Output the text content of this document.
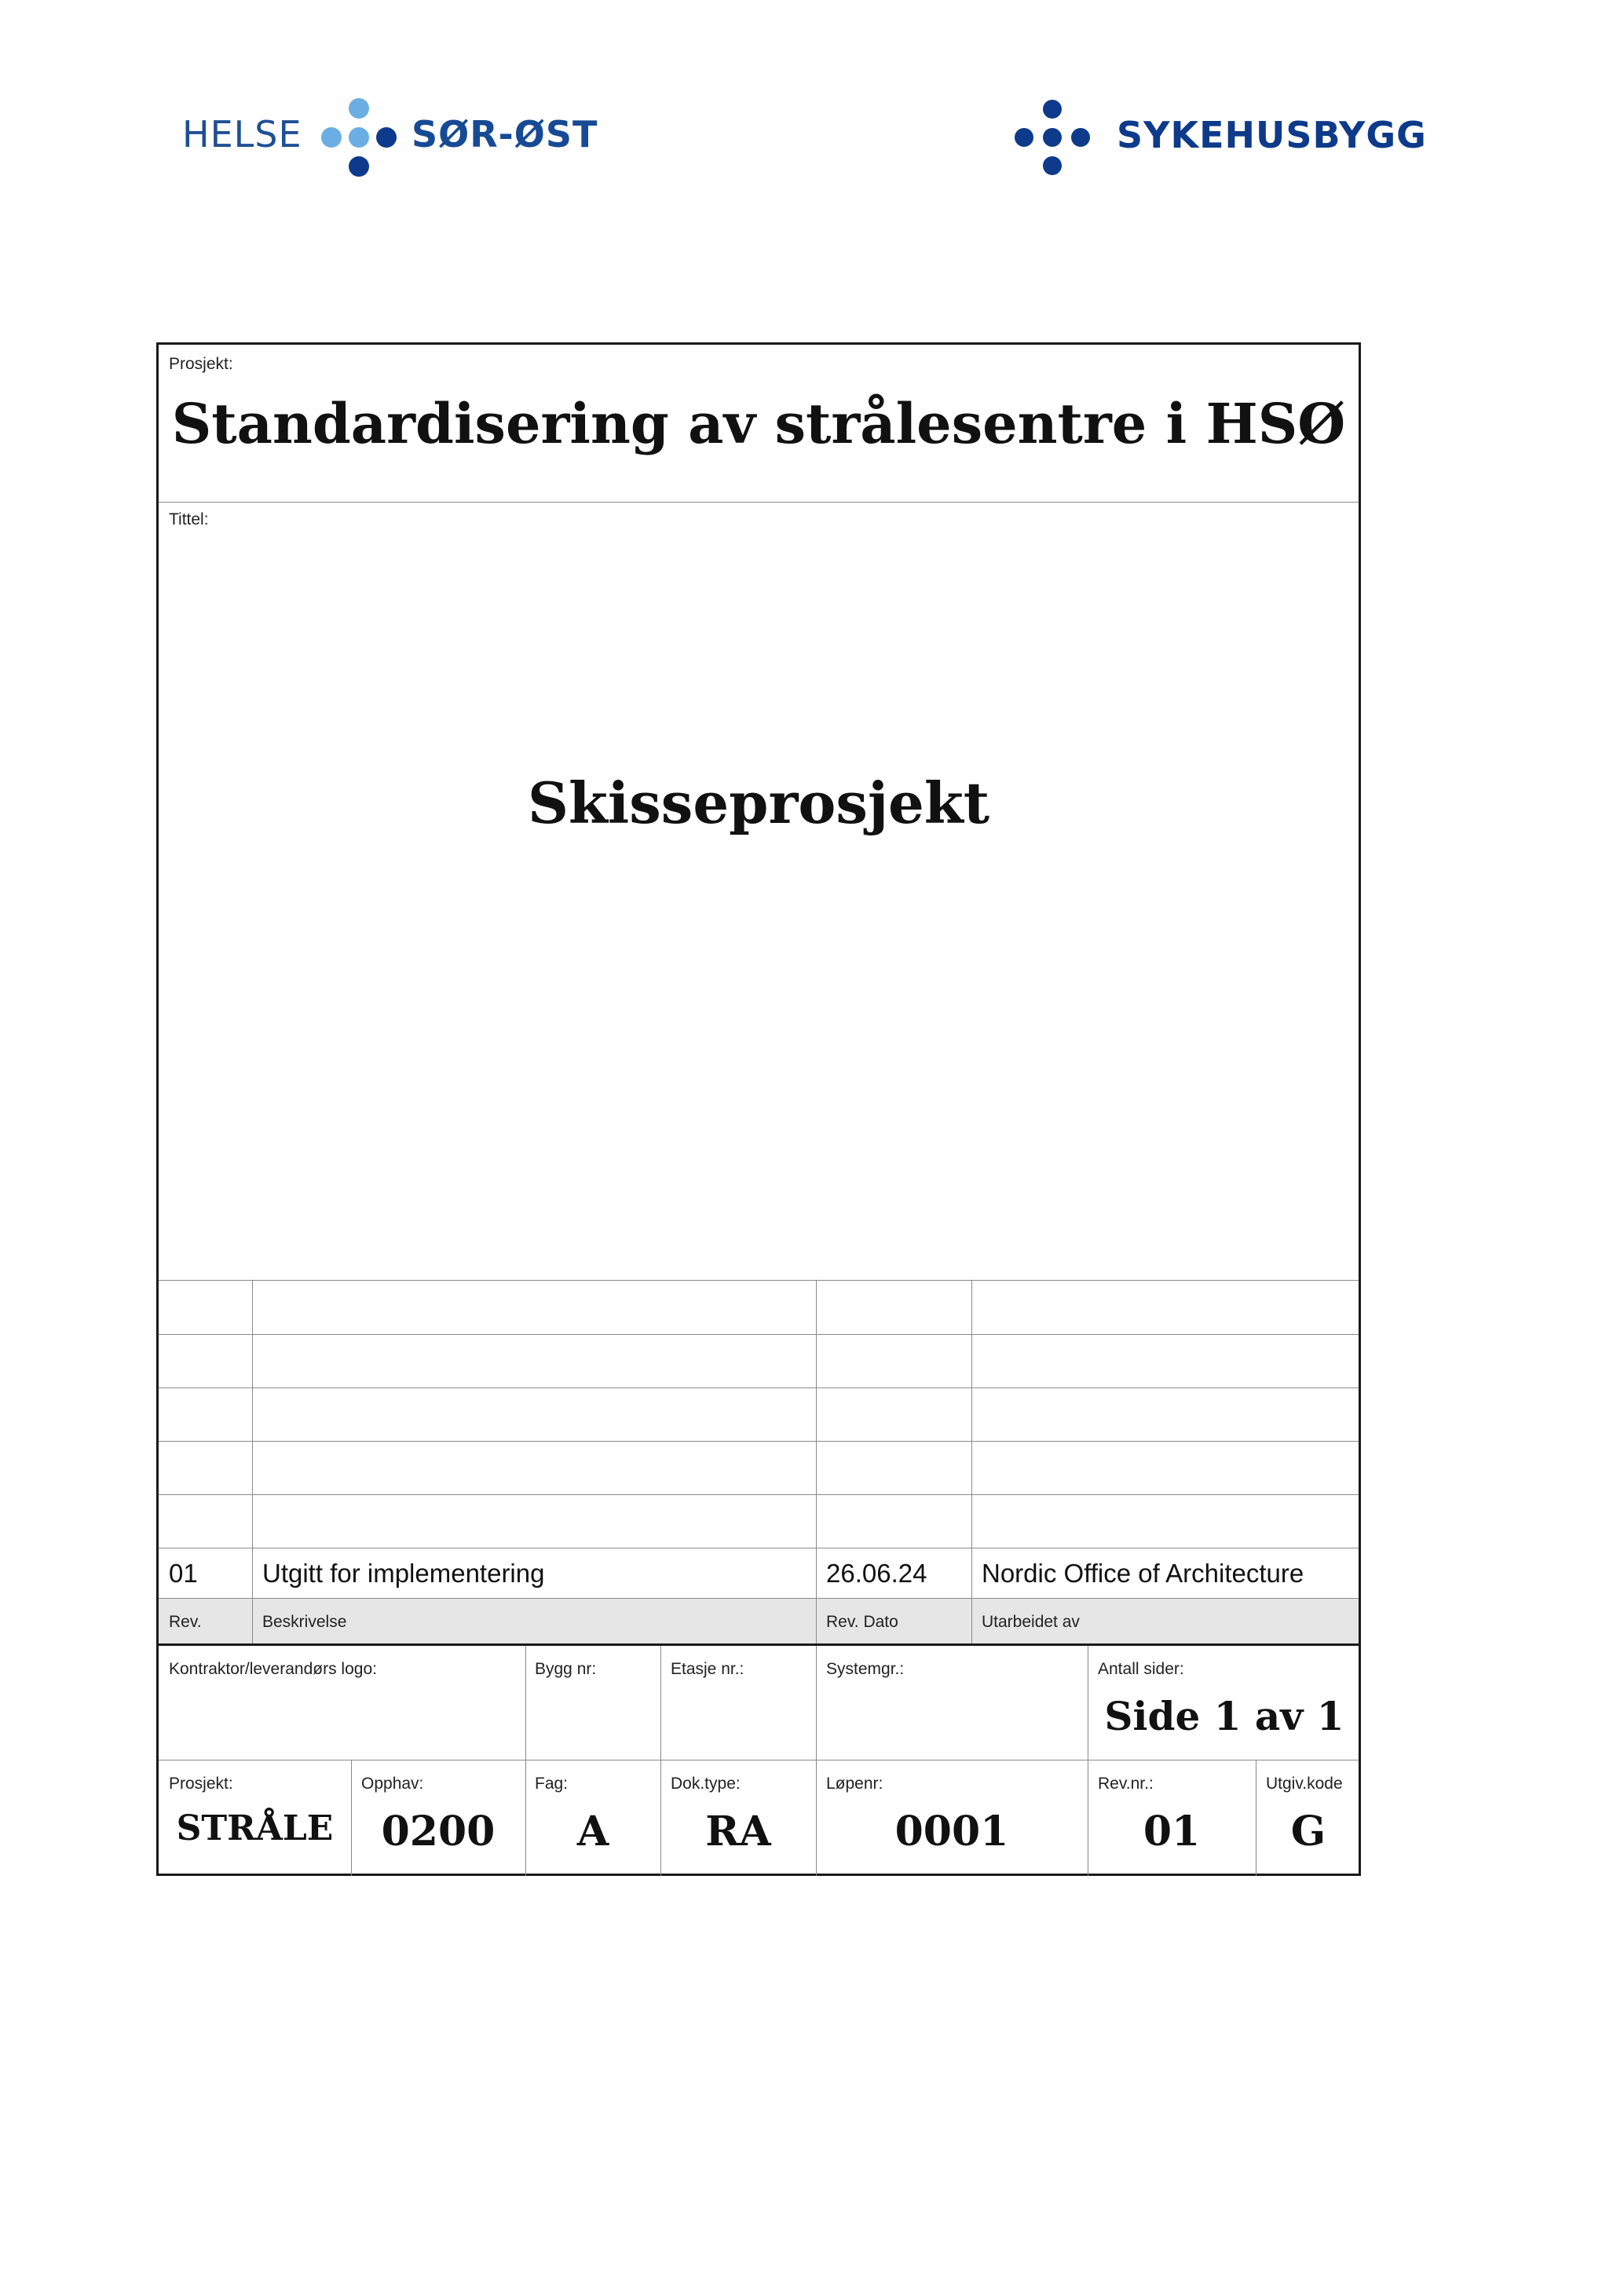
HELSE	SØR-ØST	SYKEHUSBYGG
Prosjekt:
Standardisering av strålesentre i HSØ
Tittel:
Skisseprosjekt
01 Utgitt for implementering	26.06.24 Nordic Office of Architecture
Rev.	Beskrivelse	Rev. Dato	Utarbeidet av
Kontraktor/leverandørs logo:	Bygg nr:	Etasje nr.:	Systemgr.:	Antall sider:
Side 1 av 1
Prosjekt:
STRÅLE
Opphav:
0200
Fag:
A
Dok.type:
RA
Løpenr:
0001
Rev.nr.:
01
Utgiv.kode
G
